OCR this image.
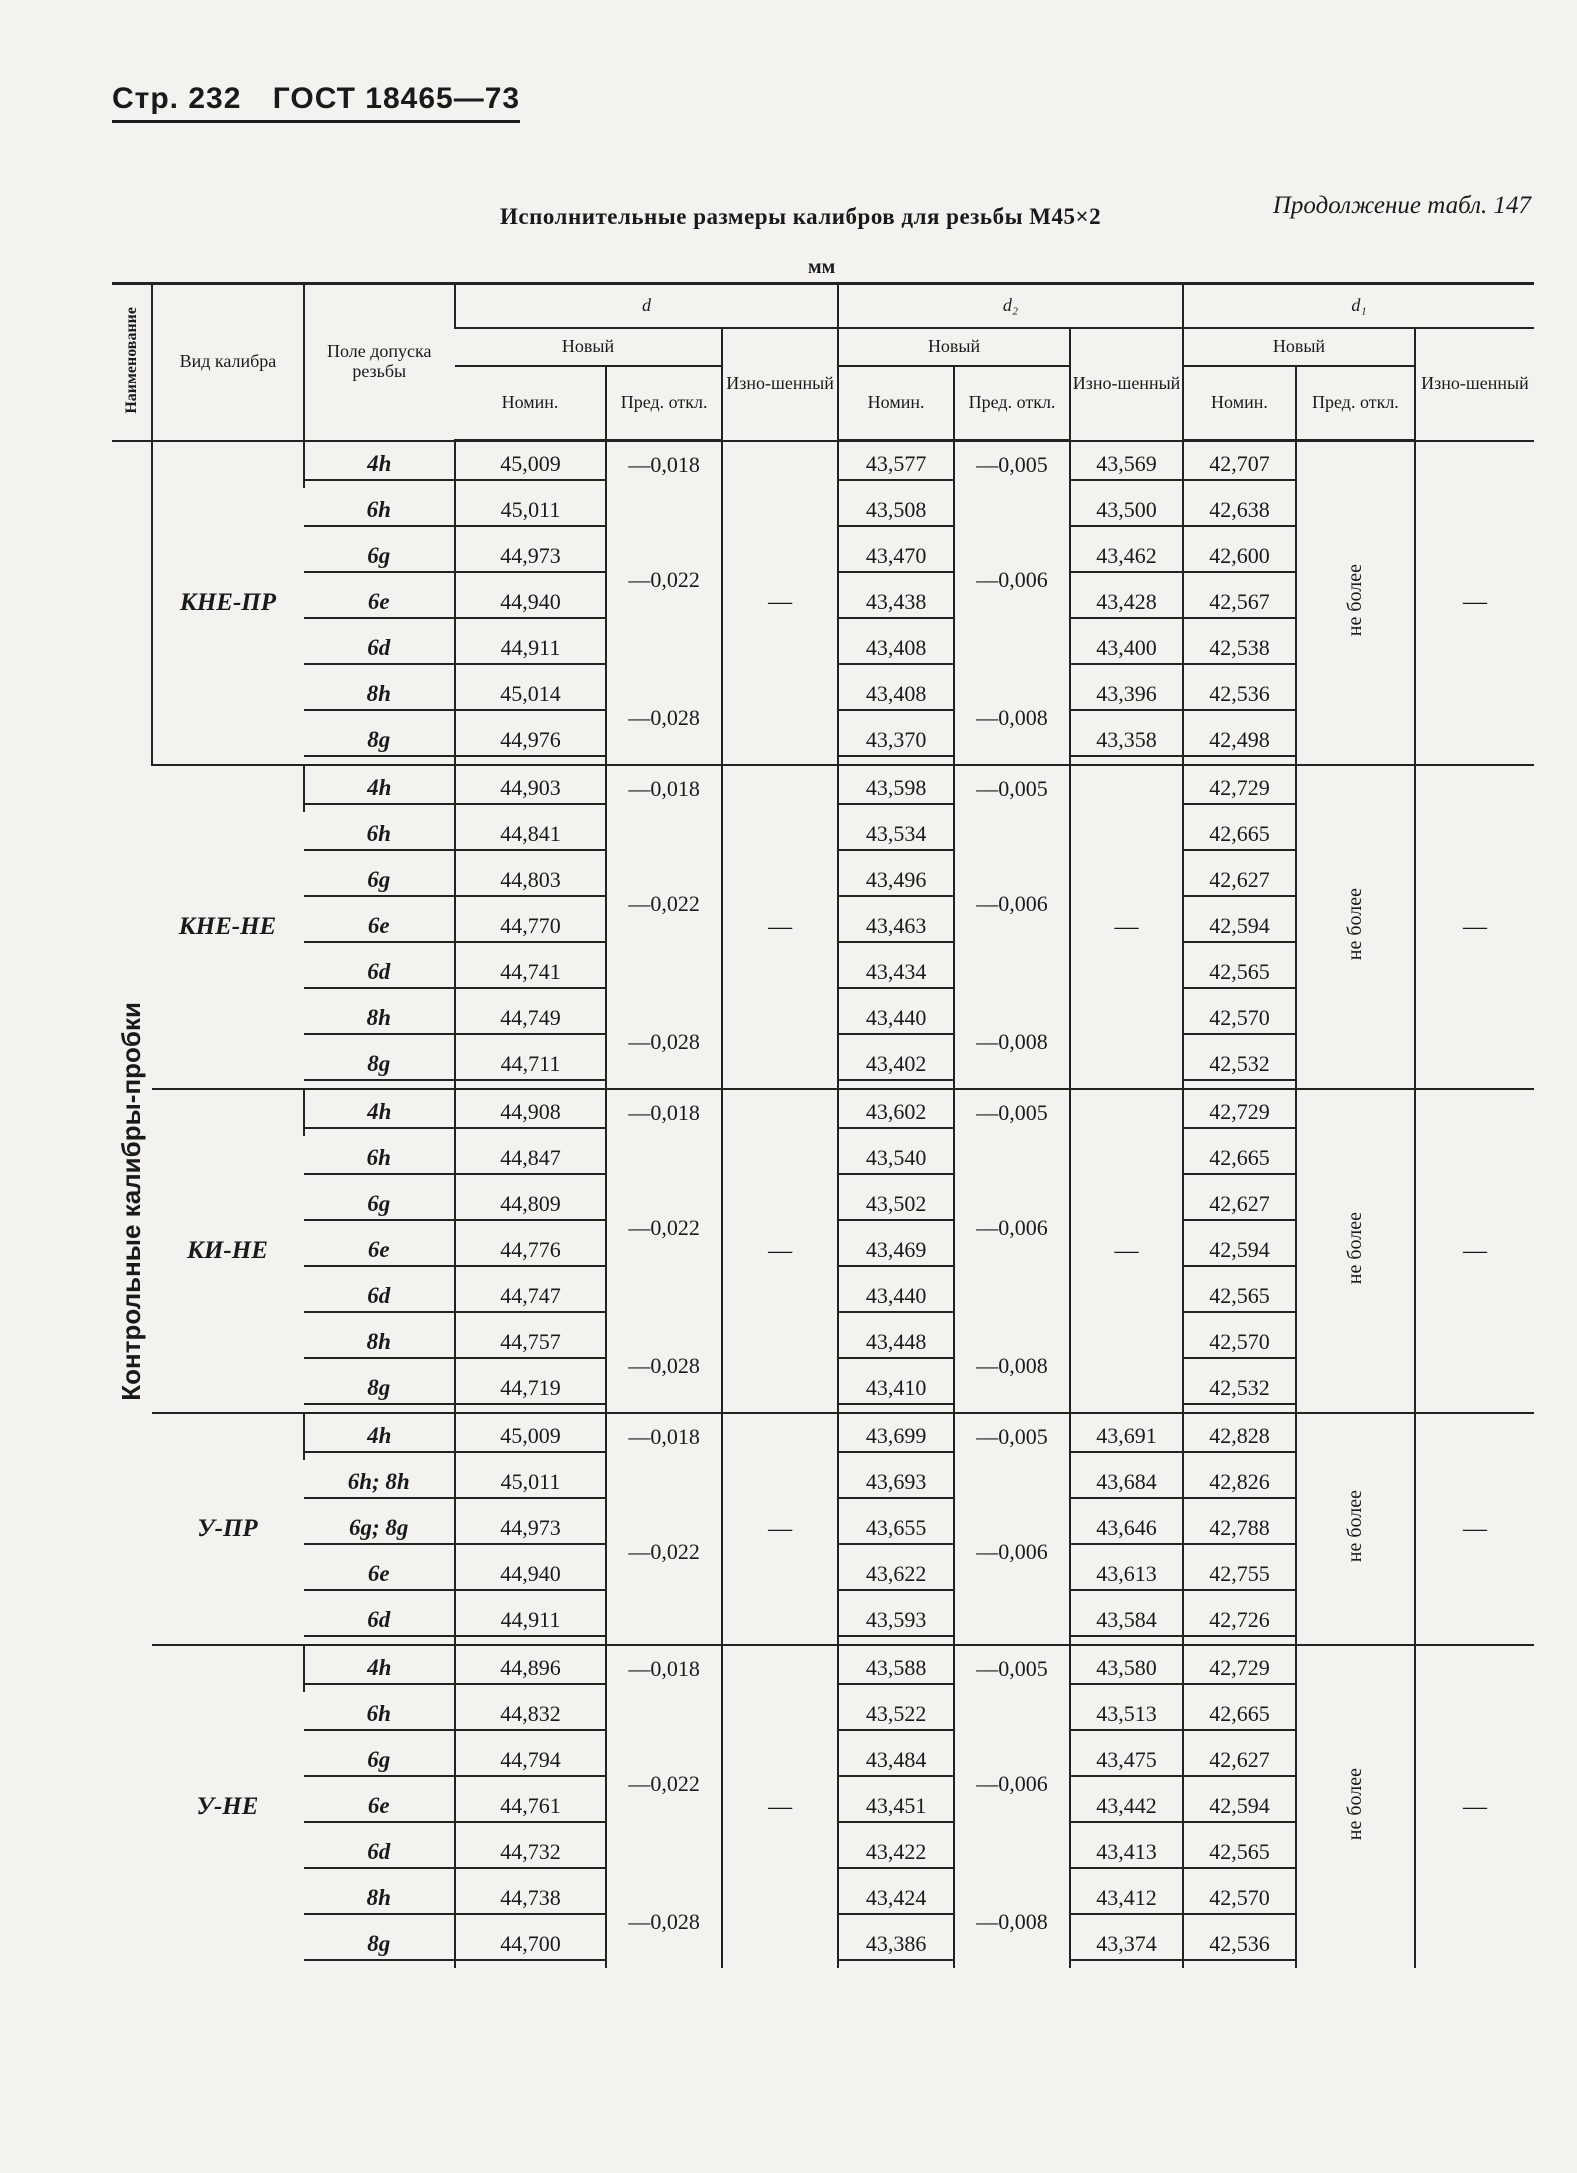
Стр. 232 ГОСТ 18465—73
Продолжение табл. 147
Исполнительные размеры калибров для резьбы M45×2
мм
Наименование	Вид калибра	Поле допуска резьбы	d			d₂			d₁		
			Новый		Изно-шенный	Новый		Изно-шенный	Новый		Изно-шенный
			Номин.	Пред. откл.		Номин.	Пред. откл.		Номин.	Пред. откл.	
Контрольные калибры-пробки	КНЕ-ПР	4h	45,009	—0,018	—	43,577	—0,005	43,569	42,707	не более	—

		6h	45,011	—0,022		43,508	—0,006	43,500	42,638		

		6g	44,973			43,470		43,462	42,600		

		6e	44,940			43,438		43,428	42,567		

		6d	44,911			43,408		43,400	42,538		

		8h	45,014	—0,028		43,408	—0,008	43,396	42,536		

		8g	44,976			43,370		43,358	42,498		

	КНЕ-НЕ	4h	44,903	—0,018	—	43,598	—0,005	—	42,729	не более	—

		6h	44,841	—0,022		43,534	—0,006		42,665		

		6g	44,803			43,496			42,627		

		6e	44,770			43,463			42,594		

		6d	44,741			43,434			42,565		

		8h	44,749	—0,028		43,440	—0,008		42,570		

		8g	44,711			43,402			42,532		

	КИ-НЕ	4h	44,908	—0,018	—	43,602	—0,005	—	42,729	не более	—

		6h	44,847	—0,022		43,540	—0,006		42,665		

		6g	44,809			43,502			42,627		

		6e	44,776			43,469			42,594		

		6d	44,747			43,440			42,565		

		8h	44,757	—0,028		43,448	—0,008		42,570		

		8g	44,719			43,410			42,532		

	У-ПР	4h	45,009	—0,018	—	43,699	—0,005	43,691	42,828	не более	—

		6h; 8h	45,011	—0,022		43,693	—0,006	43,684	42,826		

		6g; 8g	44,973			43,655		43,646	42,788		

		6e	44,940			43,622		43,613	42,755		

		6d	44,911			43,593		43,584	42,726		

	У-НЕ	4h	44,896	—0,018	—	43,588	—0,005	43,580	42,729	не более	—

		6h	44,832	—0,022		43,522	—0,006	43,513	42,665		

		6g	44,794			43,484		43,475	42,627		

		6e	44,761			43,451		43,442	42,594		

		6d	44,732			43,422		43,413	42,565		

		8h	44,738	—0,028		43,424	—0,008	43,412	42,570		

		8g	44,700			43,386		43,374	42,536		
